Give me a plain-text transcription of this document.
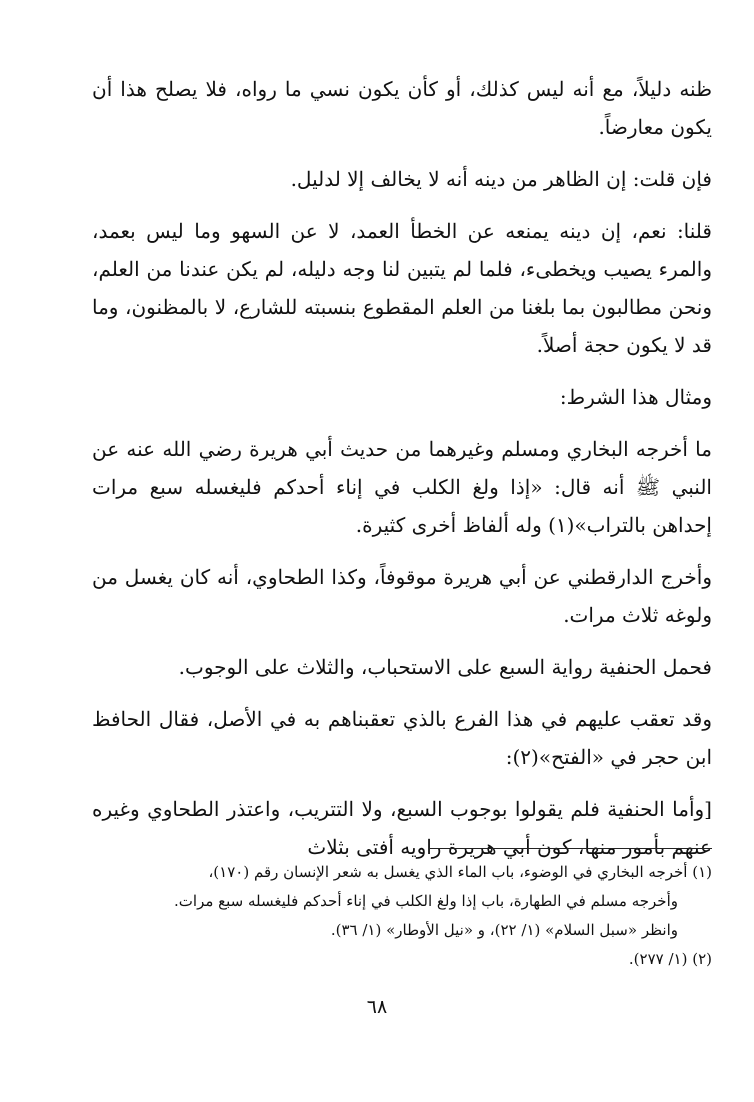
ظنه دليلاً، مع أنه ليس كذلك، أو كأن يكون نسي ما رواه، فلا يصلح هذا أن يكون معارضاً.

فإن قلت: إن الظاهر من دينه أنه لا يخالف إلا لدليل.

قلنا: نعم، إن دينه يمنعه عن الخطأ العمد، لا عن السهو وما ليس بعمد، والمرء يصيب ويخطىء، فلما لم يتبين لنا وجه دليله، لم يكن عندنا من العلم، ونحن مطالبون بما بلغنا من العلم المقطوع بنسبته للشارع، لا بالمظنون، وما قد لا يكون حجة أصلاً.

ومثال هذا الشرط:

ما أخرجه البخاري ومسلم وغيرهما من حديث أبي هريرة رضي الله عنه عن النبي ﷺ أنه قال: «إذا ولغ الكلب في إناء أحدكم فليغسله سبع مرات إحداهن بالتراب»(١) وله ألفاظ أخرى كثيرة.

وأخرج الدارقطني عن أبي هريرة موقوفاً، وكذا الطحاوي، أنه كان يغسل من ولوغه ثلاث مرات.

فحمل الحنفية رواية السبع على الاستحباب، والثلاث على الوجوب.

وقد تعقب عليهم في هذا الفرع بالذي تعقبناهم به في الأصل، فقال الحافظ ابن حجر في «الفتح»(٢):

[وأما الحنفية فلم يقولوا بوجوب السبع، ولا التتريب، واعتذر الطحاوي وغيره عنهم بأمور منها، كون أبي هريرة راويه أفتى بثلاث

(١) أخرجه البخاري في الوضوء، باب الماء الذي يغسل به شعر الإنسان رقم (١٧٠)،

وأخرجه مسلم في الطهارة، باب إذا ولغ الكلب في إناء أحدكم فليغسله سبع مرات.

وانظر «سبل السلام» (١/ ٢٢)، و «نيل الأوطار» (١/ ٣٦).

(٢) (١/ ٢٧٧).

٦٨
